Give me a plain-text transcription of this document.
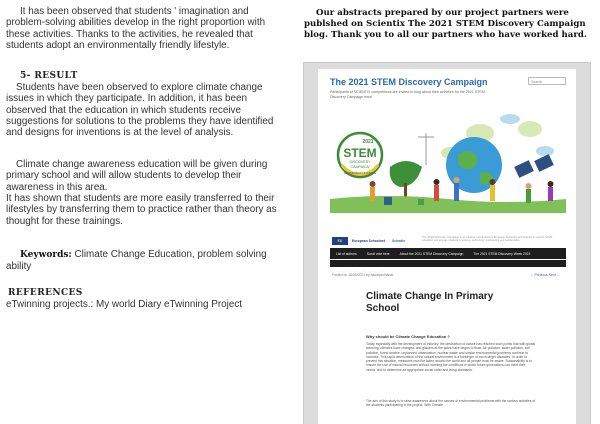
It has been observed that students ' imagination and problem-solving abilities develop in the right proportion with these activities. Thanks to the activities, he revealed that students adopt an environmentally friendly lifestyle.
5- RESULT
Students have been observed to explore climate change issues in which they participate. In addition, it has been observed that the education in which students receive suggestions for solutions to the problems they have identified and designs for inventions is at the level of analysis.
Climate change awareness education will be given during primary school and will allow students to develop their awareness in this area.
It has shown that students are more easily transferred to their lifestyles by transferring them to practice rather than theory as thought for these trainings.
Keywords: Climate Change Education, problem solving ability
REFERENCES
eTwinning projects.: My world Diary eTwinning Project
Our abstracts prepared by our project partners were publshed on Scientix The 2021 STEM Discovery Campaign blog. Thank you to all our partners who have worked hard.
The 2021 STEM Discovery Campaign
Participants of SCIENTIX competitions are invited to blog about their activities for the 2021 STEM Discovery Campaign here!
Search
2021
STEM
DISCOVERY
CAMPAIGN
SUSTAINABILITY & CLIMATE
EU	European Schoolnet Scientix
The STEM Discovery Campaign is an initiative coordinated by European Schoolnet and Scientix to support STEM education and engage students in science, technology, engineering and mathematics.
List of authors	Scroll vote here	About the 2021 STEM Discovery Campaign	The 2021 STEM Discovery Week 2019
The STEM Discovery Week 2019
Posted on 18/05/2021 by basarperihanal	← Previous Next →
Climate Change In Primary School
Why should be Climate Change Education ?
Today especially with the development of industry, the destruction of nature has reached such points that with global warming, climates have changed, and glaciers at the poles have begun to thaw. Air pollution, water pollution, soil pollution, forest decline, unplanned urbanization, nuclear waste and similar environmental problems continue to increase. This rapid deterioration of the natural environment is a harbinger of much larger disasters. In order to prevent this situation, measures must be taken around the world and all people must be aware. Sustainability is to ensure the use of natural resources without harming the conditions in which future generations can meet their needs, and to determine an appropriate social order and living standards.
The aim of this study is to raise awareness about the causes of environmental problems with the various activities of the students participating in the project. With Climate
